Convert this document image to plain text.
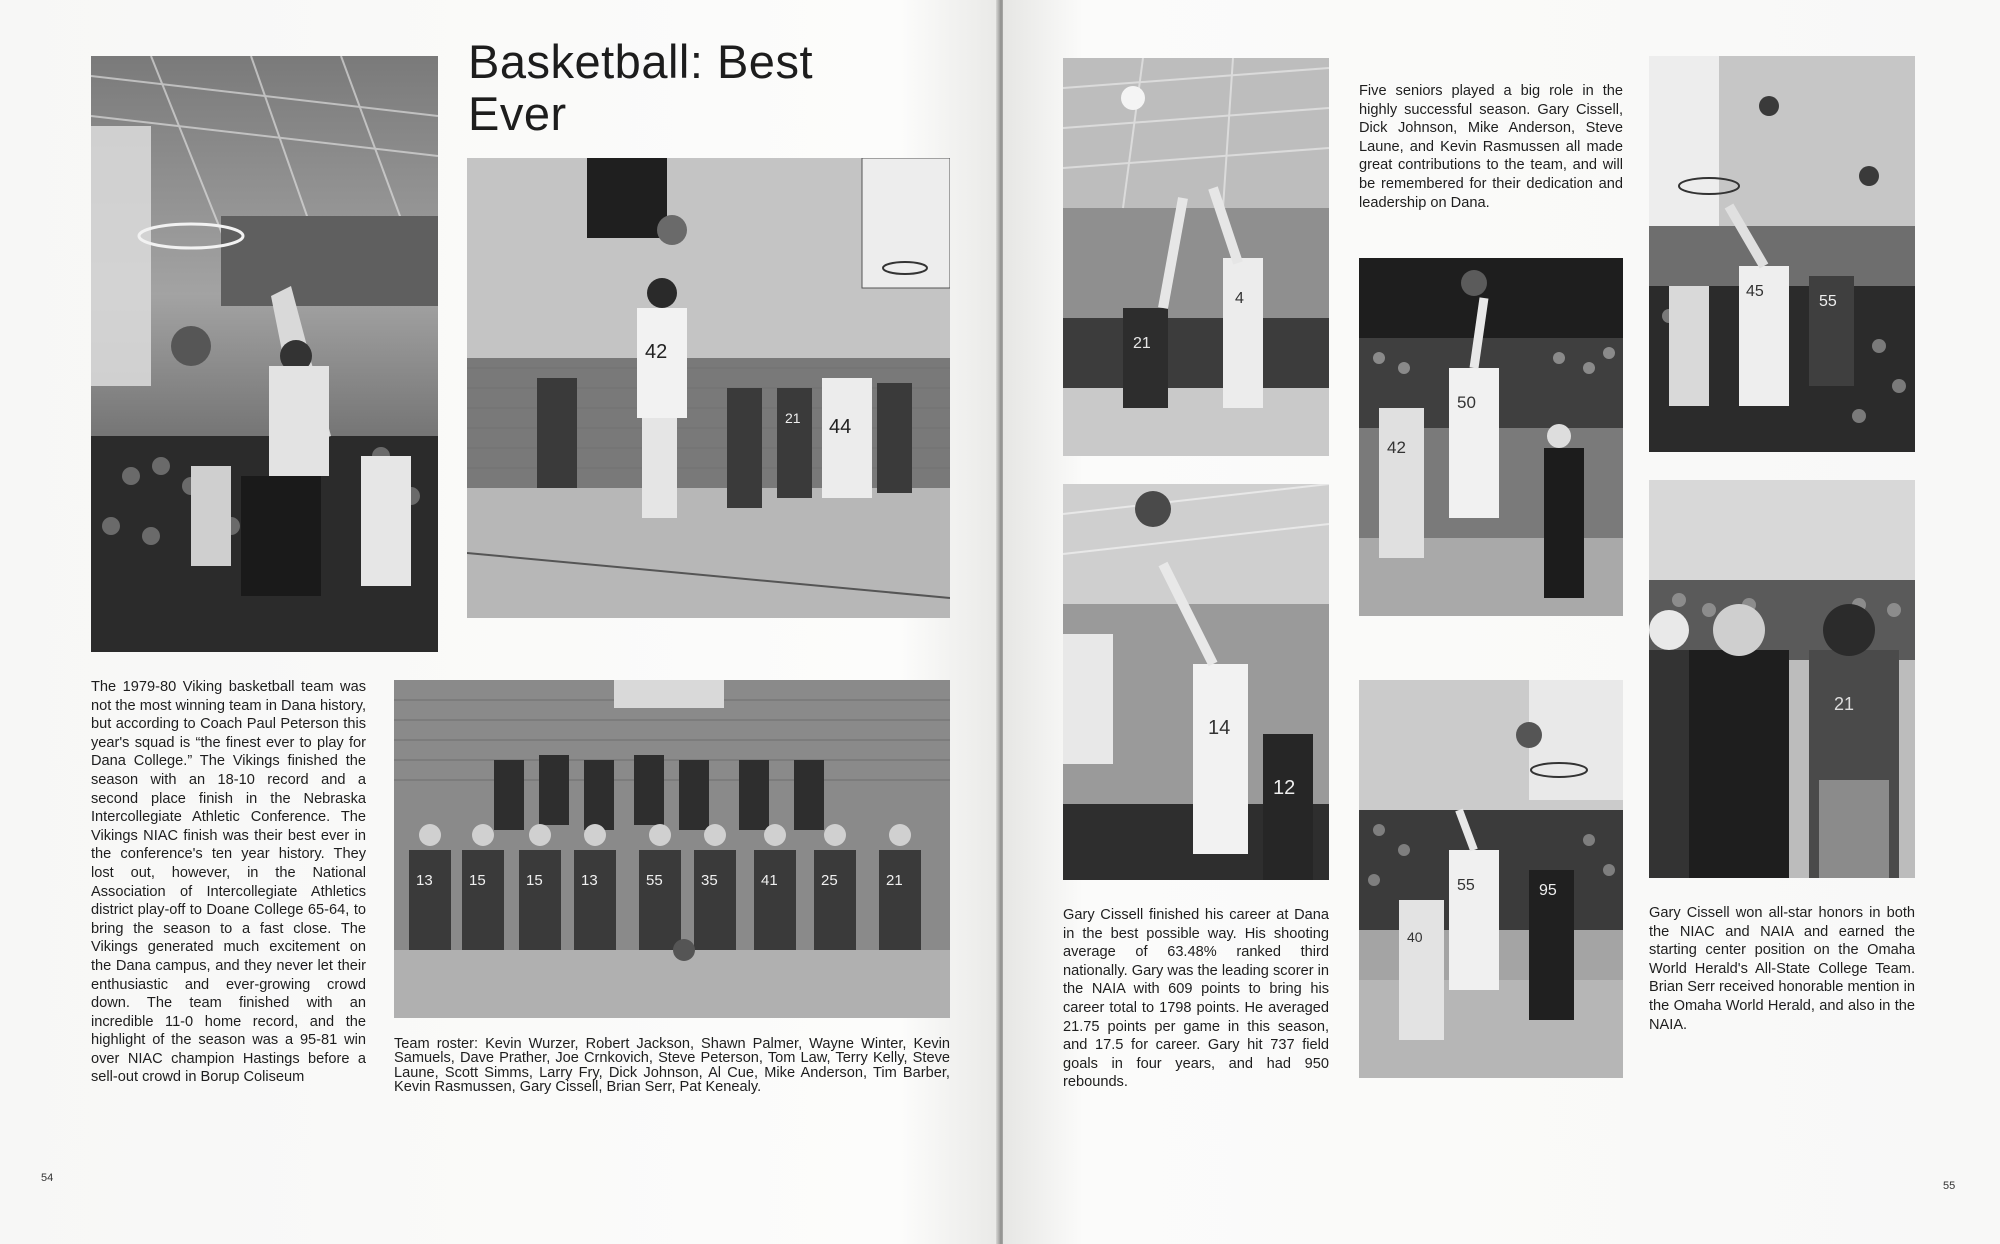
Basketball: Best Ever
42
44
21
The 1979-80 Viking basketball team was not the most winning team in Dana history, but according to Coach Paul Peterson this year's squad is “the finest ever to play for Dana College.” The Vikings finished the season with an 18-10 record and a second place finish in the Nebraska Intercollegiate Athletic Conference. The Vikings NIAC finish was their best ever in the conference's ten year history. They lost out, however, in the National Association of Intercollegiate Athletics district play-off to Doane College 65-64, to bring the season to a fast close. The Vikings generated much excitement on the Dana campus, and they never let their enthusiastic and ever-growing crowd down. The team finished with an incredible 11-0 home record, and the highlight of the season was a 95-81 win over NIAC champion Hastings before a sell-out crowd in Borup Coliseum
13 15	15	13	55	35	41	25	21
Team roster: Kevin Wurzer, Robert Jackson, Shawn Palmer, Wayne Winter, Kevin Samuels, Dave Prather, Joe Crnkovich, Steve Peterson, Tom Law, Terry Kelly, Steve Laune, Scott Simms, Larry Fry, Dick Johnson, Al Cue, Mike Anderson, Tim Barber, Kevin Rasmussen, Gary Cissell, Brian Serr, Pat Kenealy.
54
21
4
Five seniors played a big role in the highly successful season. Gary Cissell, Dick Johnson, Mike Anderson, Steve Laune, and Kevin Rasmussen all made great contributions to the team, and will be remembered for their dedication and leadership on Dana.
45
55
50
42
14
12
21
40
95
55
Gary Cissell finished his career at Dana in the best possible way. His shooting average of 63.48% ranked third nationally. Gary was the leading scorer in the NAIA with 609 points to bring his career total to 1798 points. He averaged 21.75 points per game in this season, and 17.5 for career. Gary hit 737 field goals in four years, and had 950 rebounds.
Gary Cissell won all-star honors in both the NIAC and NAIA and earned the starting center position on the Omaha World Herald's All-State College Team. Brian Serr received honorable mention in the Omaha World Herald, and also in the NAIA.
55
